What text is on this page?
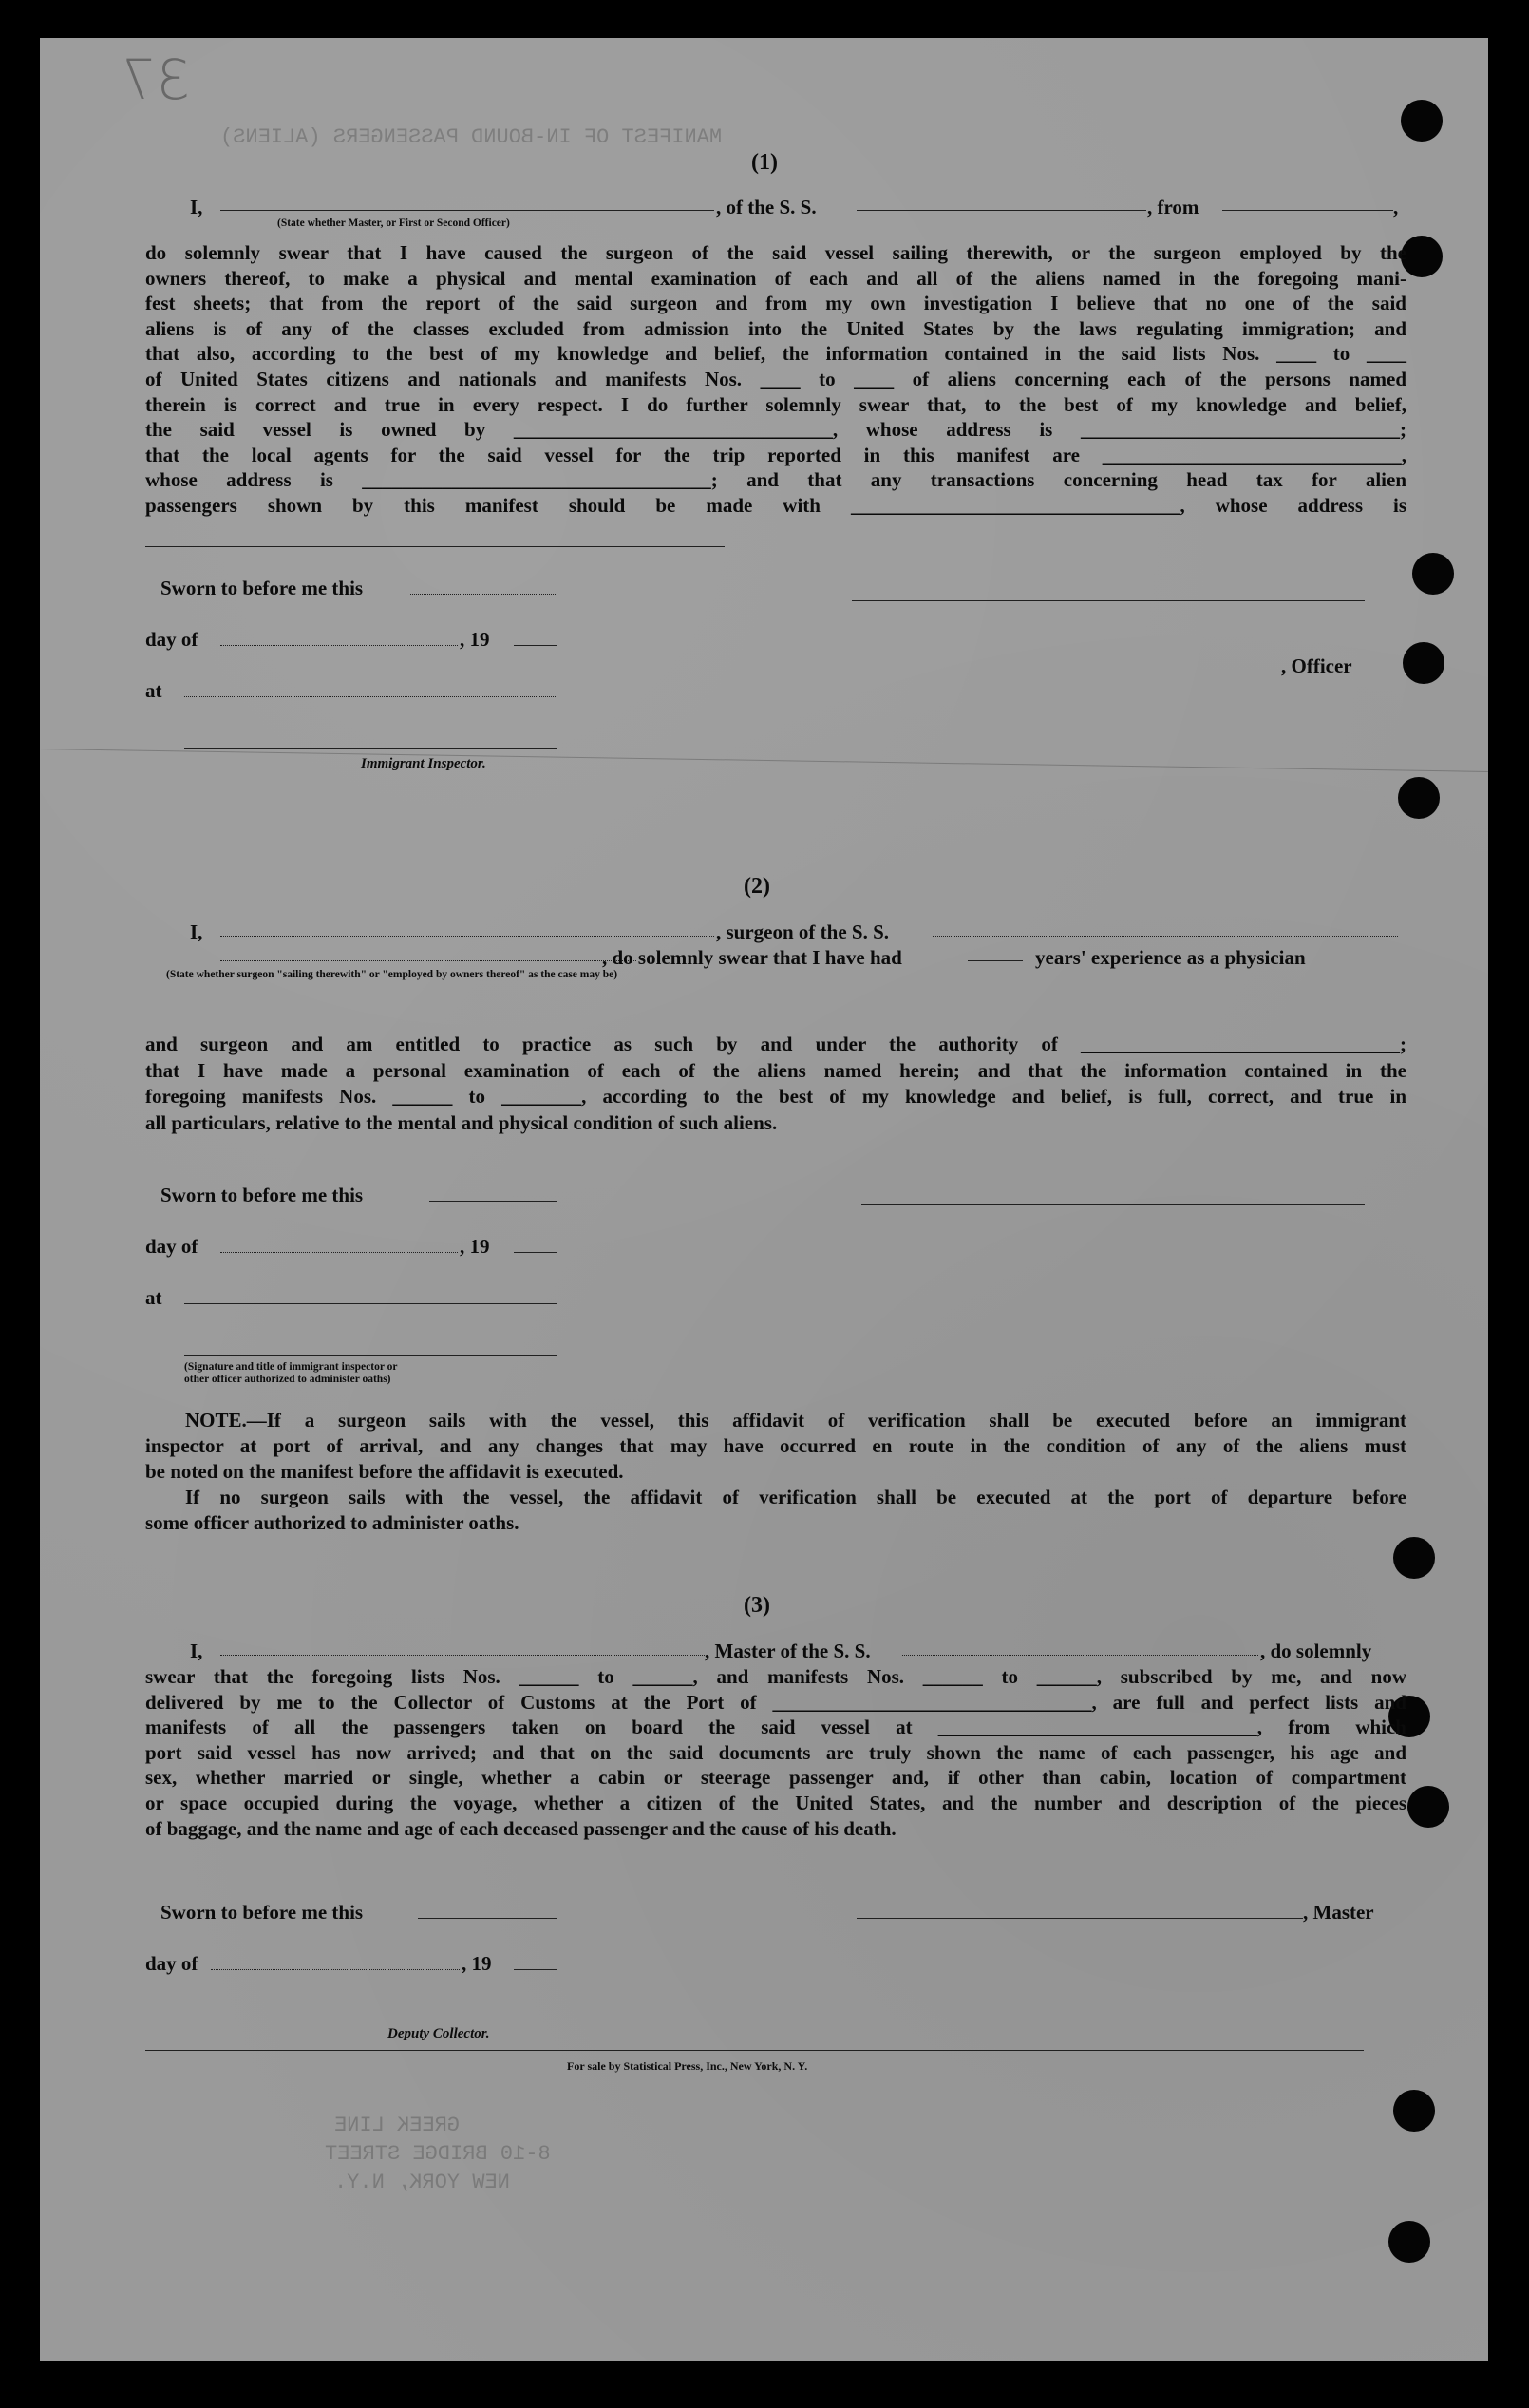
MANIFEST OF IN-BOUND PASSENGERS (ALIENS)
GREEK LINE
8-10 BRIDGE STREET
NEW YORK, N.Y.
37
(1)
I,	, of the S. S.	, from	,
(State whether Master, or First or Second Officer)
do solemnly swear that I have caused the surgeon of the said vessel sailing therewith, or the surgeon employed by the
owners thereof, to make a physical and mental examination of each and all of the aliens named in the foregoing mani-
fest sheets; that from the report of the said surgeon and from my own investigation I believe that no one of the said
aliens is of any of the classes excluded from admission into the United States by the laws regulating immigration; and
that also, according to the best of my knowledge and belief, the information contained in the said lists Nos. ____ to ____
of United States citizens and nationals and manifests Nos. ____ to ____ of aliens concerning each of the persons named
therein is correct and true in every respect. I do further solemnly swear that, to the best of my knowledge and belief,
the said vessel is owned by ________________________________, whose address is ________________________________;
that the local agents for the said vessel for the trip reported in this manifest are ______________________________,
whose address is ___________________________________; and that any transactions concerning head tax for alien
passengers shown by this manifest should be made with _________________________________, whose address is
Sworn to before me this
day of	, 19
, Officer
at
Immigrant Inspector.
(2)
I,	, surgeon of the S. S.
, do solemnly swear that I have had	years' experience as a physician
(State whether surgeon "sailing therewith" or "employed by owners thereof" as the case may be)
and surgeon and am entitled to practice as such by and under the authority of ________________________________;
that I have made a personal examination of each of the aliens named herein; and that the information contained in the
foregoing manifests Nos. ______ to ________, according to the best of my knowledge and belief, is full, correct, and true in
all particulars, relative to the mental and physical condition of such aliens.
Sworn to before me this
day of	, 19
at
(Signature and title of immigrant inspector or
other officer authorized to administer oaths)
NOTE.—If a surgeon sails with the vessel, this affidavit of verification shall be executed before an immigrant
inspector at port of arrival, and any changes that may have occurred en route in the condition of any of the aliens must
be noted on the manifest before the affidavit is executed.
If no surgeon sails with the vessel, the affidavit of verification shall be executed at the port of departure before
some officer authorized to administer oaths.
(3)
I,	, Master of the S. S.	, do solemnly
swear that the foregoing lists Nos. ______ to ______, and manifests Nos. ______ to ______, subscribed by me, and now
delivered by me to the Collector of Customs at the Port of ________________________________, are full and perfect lists and
manifests of all the passengers taken on board the said vessel at ________________________________, from which
port said vessel has now arrived; and that on the said documents are truly shown the name of each passenger, his age and
sex, whether married or single, whether a cabin or steerage passenger and, if other than cabin, location of compartment
or space occupied during the voyage, whether a citizen of the United States, and the number and description of the pieces
of baggage, and the name and age of each deceased passenger and the cause of his death.
Sworn to before me this	, Master
day of	, 19
Deputy Collector.
For sale by Statistical Press, Inc., New York, N. Y.
